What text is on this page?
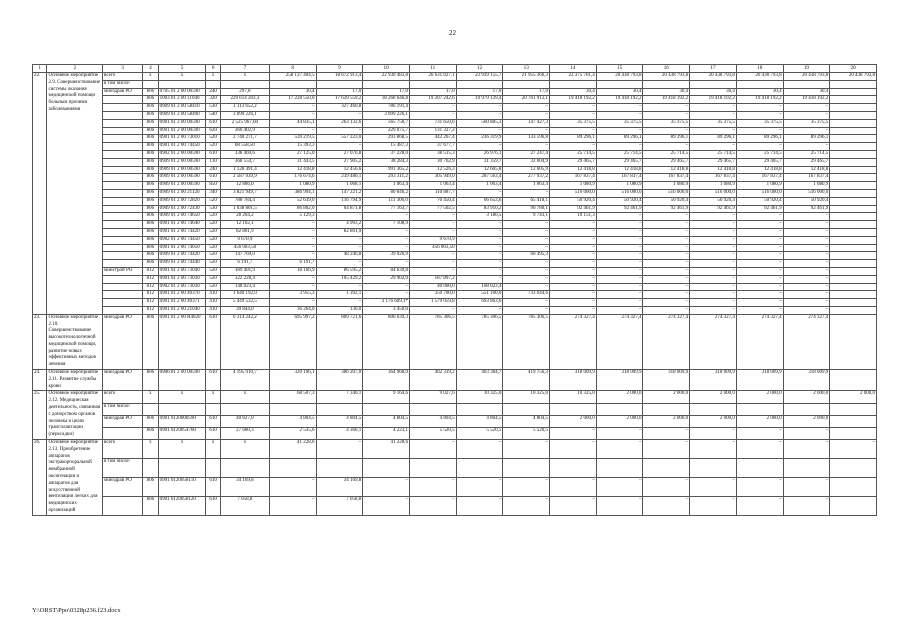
22
1	2	3	4	5	6	7	8	9	10	11	12	13	14	15	16	17	18	19	20
22.	Основное мероприятие 2.9. Совершенствование системы оказания медицинской помощи больным прочими заболеваниями	всего	x	x	x	x	258 137 404,5	18 672 913,4	22 930 483,8	26 631 027,1	22 939 155,7	21 955 360,3	22 375 701,4	20 438 793,8	20 438 793,8	20 438 793,8	20 438 793,8	20 438 793,8	20 438 793,8
		в том числе:																	
		минздрав РО	806	0705 01 2 00 00590	240	297,8	30,4	17,0	17,0	17,0	17,0	17,0	30,4	30,4	30,4	30,4	30,4	30,4	
			806	1003 01 2 00 11040	320	229 614 203,3	17 228 550,0	17 639 559,2	18 268 646,8	19 207 242,6	19 979 139,4	20 761 912,1	19 418 192,2	19 418 192,2	19 418 192,2	19 418 192,2	19 418 192,2	19 418 192,2	
			806	0909 01 2 00 58410	530	1 113 652,2	–	327 460,8	786 191,4	–	–	–	–	–	–	–	–	–	
			806	0909 01 2 00 58490	540	3 099 226,1	–	–	3 099 226,1	–	–	–	–	–	–	–	–	–	
			806	0901 01 2 00 00590	610	2 525 967,60	44 835,1	263 132,6	565 758,7	731 650,6	560 885,3	147 427,3	35 375,5	35 375,5	35 375,5	35 375,5	35 375,5	35 375,5	
			806	0901 01 2 00 00590	620	360 402,9	–	–	229 075,7	131 327,2	–	–	–	–	–	–	–	–	
			806	0901 01 2 00 73010	520	2 740 271,7	539 219,5	557 223,0	293 868,5	442 267,4	236 319,9	133 596,8	89 296,1	89 296,1	89 296,1	89 296,1	89 296,1	89 296,1	
			806	0901 01 2 00 74450	520	68 558,50	15 393,3	–	15 487,3	37 677,7	–	–	–	–	–	–	–	–	
			806	0902 01 2 00 00590	610	338 469,6	27 125,0	27 070,8	37 228,0	38 515,3	26 976,1	27 247,4	25 714,5	25 714,5	25 714,5	25 714,5	25 714,5	25 714,5	
			806	0909 01 2 00 00590	110	368 554,7	31 443,5	27 905,2	38 284,3	30 762,9	31 359,7	32 004,9	29 465,7	29 465,7	29 465,7	29 465,7	29 465,7	29 465,7	
			806	0909 01 2 00 00590	240	1 128 491,4	12 418,8	12 456,6	991 365,2	12 526,3	12 605,8	12 605,9	12 418,8	12 418,8	12 418,8	12 418,8	12 418,8	12 418,8	
			806	0909 01 2 00 00590	610	2 587 939,9	176 674,6	239 480,1	293 311,2	305 949,0	287 563,4	277 937,2	167 837,4	167 837,4	167 837,4	167 837,4	167 837,4	167 837,4	
			806	0909 01 2 00 00590	850	12 886,0	1 080,9	1 068,1	1 063,4	1 063,4	1 063,4	1 063,4	1 080,9	1 080,9	1 080,9	1 080,9	1 080,9	1 080,9	
			806	0909 01 2 00 21120	340	3 821 949,7	386 994,1	147 221,2	80 846,2	110 887,7	–	–	516 000,0	516 000,0	516 000,0	516 000,0	516 000,0	516 000,0	
			806	0909 01 2 00 72820	520	788 784,4	52 639,0	116 794,9	111 306,0	70 450,4	66 653,6	65 418,1	50 920,4	50 920,4	50 920,4	50 920,4	50 920,4	50 920,4	
			806	0909 01 2 00 72430	530	1 038 801,5	86 802,0	64 871,8	77 163,7	77 502,5	83 910,2	90 780,1	92 461,9	92 461,9	92 461,9	92 461,9	92 461,9	92 461,9	
			806	0909 01 2 00 74650	520	28 204,2	5 129,3	–	–	–	3 180,5	9 743,1	10 151,3	–	–	–	–	–	
			806	0901 01 2 00 74640	520	12 102,1	–	4 993,2	7 108,9	–	–	–	–	–	–	–	–	–	
			806	0901 01 2 00 74420	520	82 801,9	–	82 801,9	–	–	–	–	–	–	–	–	–	–	
			806	0902 01 2 00 74450	520	9 670,9	–	–	–	9 670,9	–	–	–	–	–	–	–	–	
			806	0901 01 2 00 74050	520	456 003,50	–	–	–	456 003,50	–	–	–	–	–	–	–	–	
			806	0909 01 2 00 74420	520	147 769,0	–	48 246,8	39 026,9	–	–	60 495,3	–	–	–	–	–	–	
			806	0909 01 2 00 74440	520	6 191,7	6 191,7	–	–	–	–	–	–	–	–	–	–	–	
		минстрой РО	812	0901 01 2 00 73040	520	189 401,9	18 166,9	86 595,2	84 639,8	–	–	–	–	–	–	–	–	–	
			812	0901 01 2 00 73030	520	322 228,4	–	105 429,2	29 902,0	187 897,2	–	–	–	–	–	–	–	–	
			812	0902 01 2 00 73030	520	148 023,4	–	–	–	40 000,0	108 023,4	–	–	–	–	–	–	–	
			812	0901 01 2 00 40370	410	1 640 192,0	3 955,3	1 392,1	–	350 700,0	551 100,0	733 044,6	–	–	–	–	–	–	
			812	0901 01 2 00 40371	410	5 449 532,5	–	–	3 176 609,1*	1 579 059,8	693 863,6	–	–	–	–	–	–	–	
			812	0901 01 2 00 21040	410	39 844,0	36 264,0	130,0	3 450,0	–	–	–	–	–	–	–	–	–	
23.	Основное мероприятие 2.10. Совершенствование высокотехнологичной медицинской помощи, развитие новых эффективных методов лечения	минздрав РО	806	0901 01 2 00 R4020	610	6 314 242,2	695 997,2	809 721,6	806 639,3	785 306,5	785 306,5	785 306,5	274 327,4	274 327,4	274 327,4	274 327,4	274 327,4	274 327,4	
24.	Основное мероприятие 2.11. Развитие службы крови	минздрав РО	806	0906 01 2 00 00590	610	4 195 910,7	320 196,1	386 207,0	364 968,0	402 339,2	403 384,7	419 756,3	318 009,9	318 009,9	318 009,9	318 009,9	318 009,9	318 009,9	
25.	Основное мероприятие 2.12. Медицинская деятельность, связанная с донорством органов человека в целях трансплантации (пересадки)	всего	x	x	x	x	68 507,3	7 340,1	9 164,6	9 027,6	10 325,0	10 325,0	10 325,0	2 000,0	2 000,0	2 000,0	2 000,0	2 000,0	2 000,0
		в том числе:																	
		минздрав РО	806	0901 0120000590	610	40 827,0	4 804,5	4 804,5	4 804,5	4 804,5	4 804,5	4 804,5	2 000,0	2 000,0	2 000,0	2 000,0	2 000,0	2 000,0	
			806	0901 0120054760	610	27 680,3	2 535,6	4 360,1	4 223,1	5 520,5	5 520,5	5 520,5	–	–	–	–	–	–	
26.	Основное мероприятие 2.13. Приобретение аппаратов экстракорпоральной мембранной оксигенации и аппаратов для искусственной вентиляции легких для медицинских организаций	всего	x	x	x	x	41 228,6	–	41 228,6	–	–	–	–	–	–	–	–	–	–
		в том числе:																	
		минздрав РО	806	0901 0120058110	610	34 169,8	–	34 169,8	–	–	–	–	–	–	–	–	–	–	
			806	0901 0120058120	610	7 058,8	–	7 058,8	–	–	–	–	–	–	–	–	–	–	
Y:\ORST\Ppo\0328p236.f23.docx
